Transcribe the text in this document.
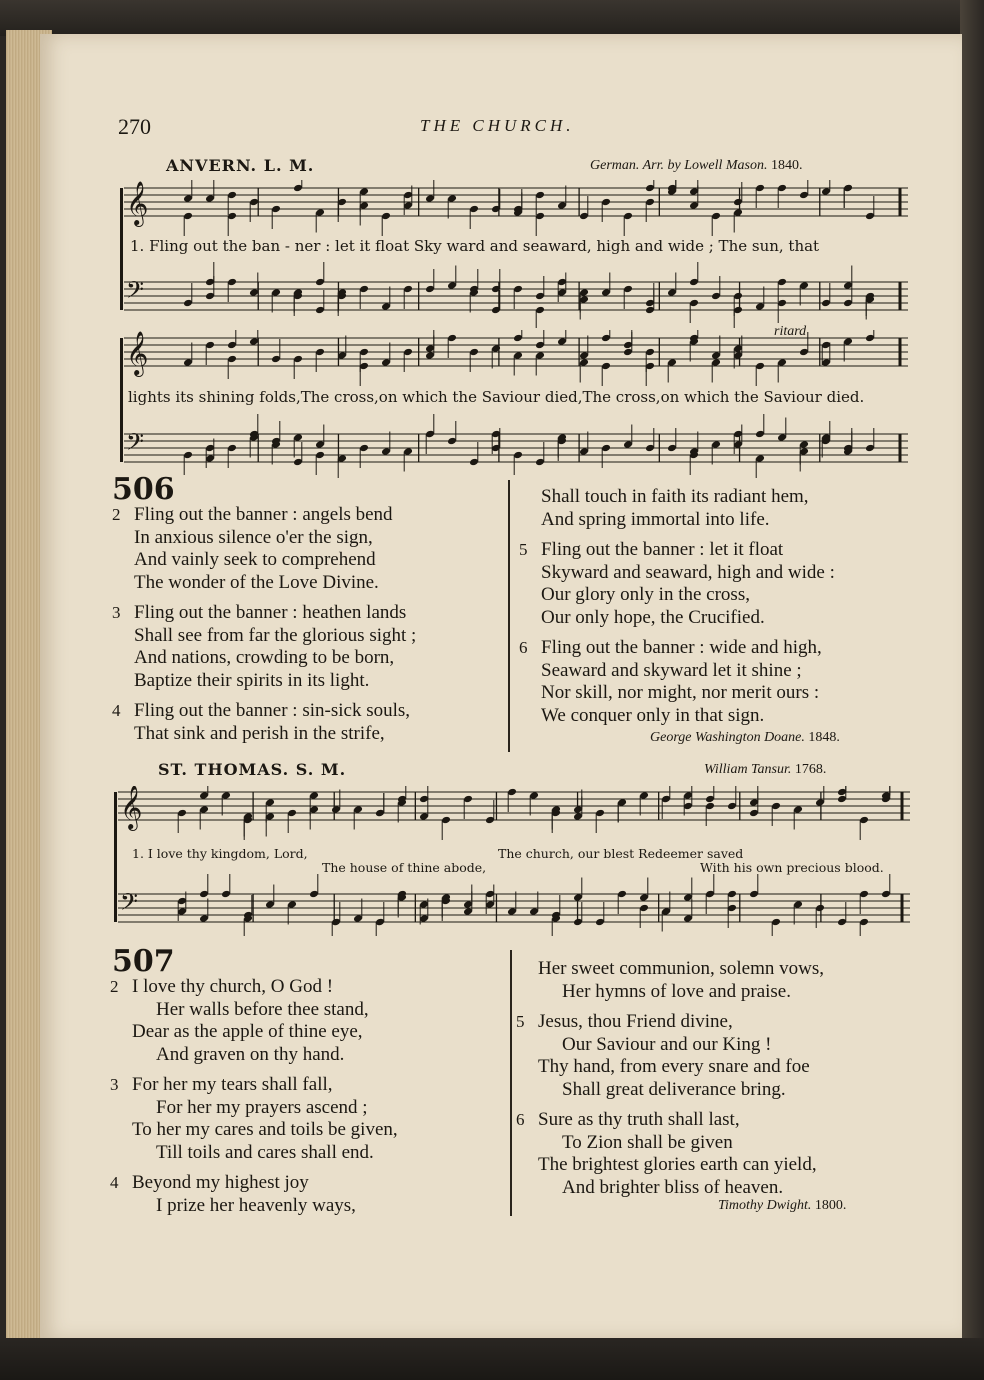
270	THE CHURCH.
ANVERN. L. M.	German. Arr. by Lowell Mason. 1840.
𝄞
𝄢
1. Fling out the ban - ner : let it float Sky ward and seaward, high and wide ; The sun, that
𝄞
𝄢
ritard
lights its shining folds,The cross,on which the Saviour died,The cross,on which the Saviour died.
506
2 Fling out the banner : angels bend
In anxious silence o'er the sign,
And vainly seek to comprehend
The wonder of the Love Divine.
3 Fling out the banner : heathen lands
Shall see from far the glorious sight ;
And nations, crowding to be born,
Baptize their spirits in its light.
4 Fling out the banner : sin-sick souls,
That sink and perish in the strife,
Shall touch in faith its radiant hem,
And spring immortal into life.
5 Fling out the banner : let it float
Skyward and seaward, high and wide :
Our glory only in the cross,
Our only hope, the Crucified.
6 Fling out the banner : wide and high,
Seaward and skyward let it shine ;
Nor skill, nor might, nor merit ours :
We conquer only in that sign.
George Washington Doane. 1848.
ST. THOMAS. S. M.	William Tansur. 1768.
𝄞
𝄢
1. I love thy kingdom, Lord,	The church, our blest Redeemer saved
The house of thine abode,	With his own precious blood.
507
2 I love thy church, O God !
Her walls before thee stand,
Dear as the apple of thine eye,
And graven on thy hand.
3 For her my tears shall fall,
For her my prayers ascend ;
To her my cares and toils be given,
Till toils and cares shall end.
4 Beyond my highest joy
I prize her heavenly ways,
Her sweet communion, solemn vows,
Her hymns of love and praise.
5 Jesus, thou Friend divine,
Our Saviour and our King !
Thy hand, from every snare and foe
Shall great deliverance bring.
6 Sure as thy truth shall last,
To Zion shall be given
The brightest glories earth can yield,
And brighter bliss of heaven.
Timothy Dwight. 1800.
